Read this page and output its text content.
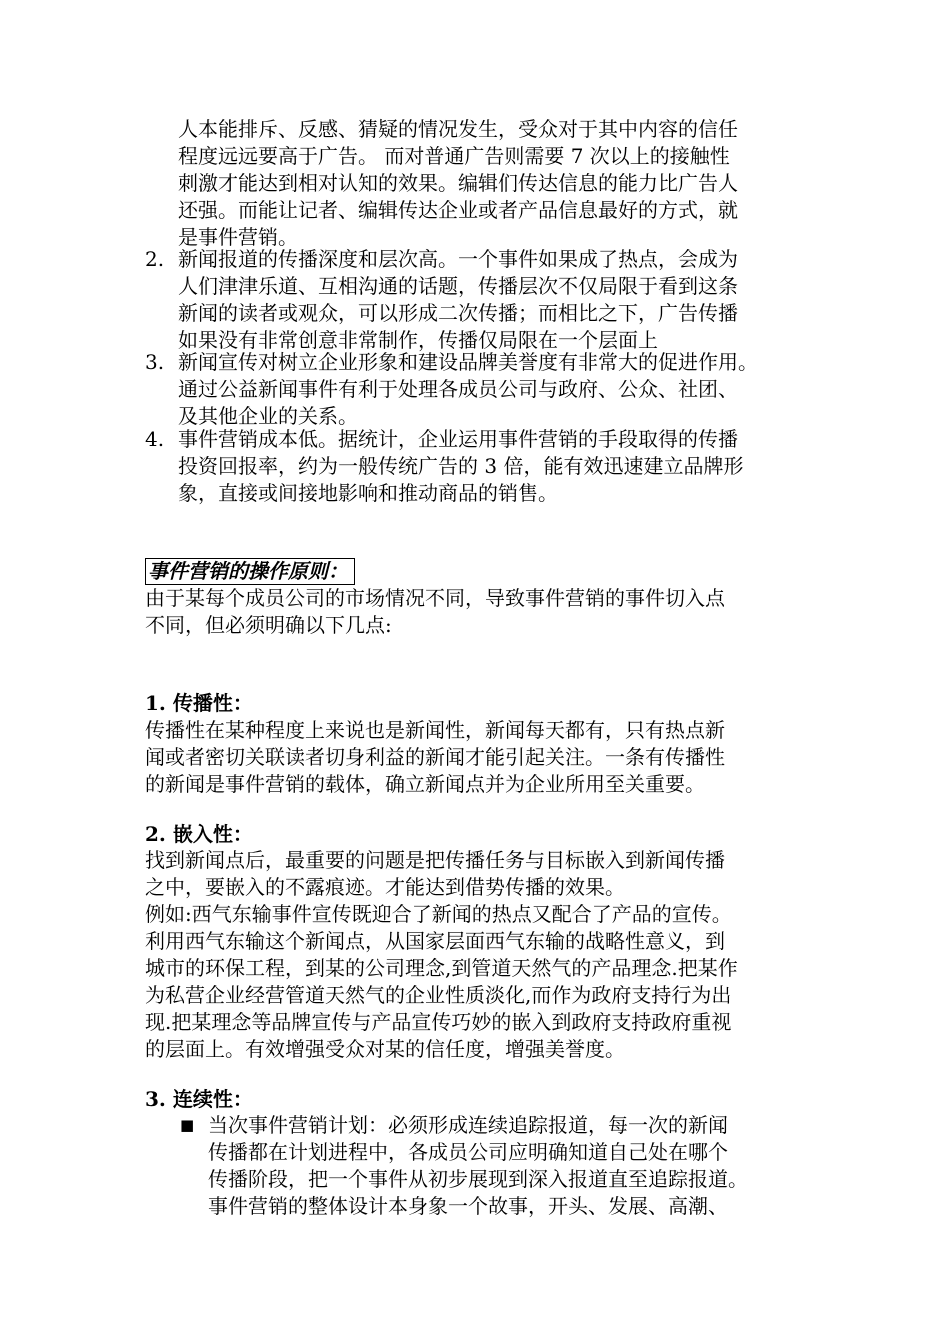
人本能排斥、反感、猜疑的情况发生，受众对于其中内容的信任
程度远远要高于广告。 而对普通广告则需要 7 次以上的接触性
刺激才能达到相对认知的效果。编辑们传达信息的能力比广告人
还强。而能让记者、编辑传达企业或者产品信息最好的方式，就
是事件营销。
2. 新闻报道的传播深度和层次高。一个事件如果成了热点，会成为
人们津津乐道、互相沟通的话题，传播层次不仅局限于看到这条
新闻的读者或观众，可以形成二次传播；而相比之下，广告传播
如果没有非常创意非常制作，传播仅局限在一个层面上
3. 新闻宣传对树立企业形象和建设品牌美誉度有非常大的促进作用。
通过公益新闻事件有利于处理各成员公司与政府、公众、社团、
及其他企业的关系。
4. 事件营销成本低。据统计，企业运用事件营销的手段取得的传播
投资回报率，约为一般传统广告的 3 倍，能有效迅速建立品牌形
象，直接或间接地影响和推动商品的销售。
事件营销的操作原则：
由于某每个成员公司的市场情况不同，导致事件营销的事件切入点
不同，但必须明确以下几点:
1. 传播性：
传播性在某种程度上来说也是新闻性，新闻每天都有，只有热点新
闻或者密切关联读者切身利益的新闻才能引起关注。一条有传播性
的新闻是事件营销的载体，确立新闻点并为企业所用至关重要。
2. 嵌入性：
找到新闻点后，最重要的问题是把传播任务与目标嵌入到新闻传播
之中，要嵌入的不露痕迹。才能达到借势传播的效果。
例如:西气东输事件宣传既迎合了新闻的热点又配合了产品的宣传。
利用西气东输这个新闻点，从国家层面西气东输的战略性意义，到
城市的环保工程，到某的公司理念,到管道天然气的产品理念.把某作
为私营企业经营管道天然气的企业性质淡化,而作为政府支持行为出
现.把某理念等品牌宣传与产品宣传巧妙的嵌入到政府支持政府重视
的层面上。有效增强受众对某的信任度，增强美誉度。
3. 连续性：
■ 当次事件营销计划：必须形成连续追踪报道，每一次的新闻
传播都在计划进程中，各成员公司应明确知道自己处在哪个
传播阶段，把一个事件从初步展现到深入报道直至追踪报道。
事件营销的整体设计本身象一个故事，开头、发展、高潮、
